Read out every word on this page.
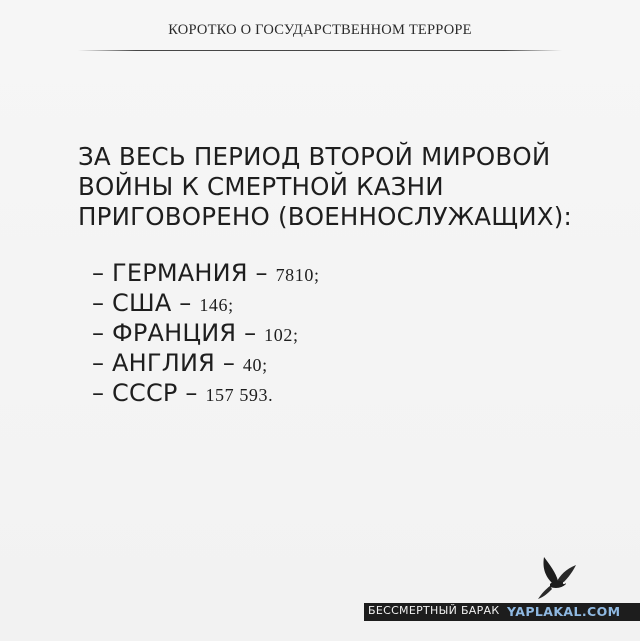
КОРОТКО О ГОСУДАРСТВЕННОМ ТЕРРОРЕ
ЗА ВЕСЬ ПЕРИОД ВТОРОЙ МИРОВОЙ
ВОЙНЫ К СМЕРТНОЙ КАЗНИ
ПРИГОВОРЕНО (ВОЕННОСЛУЖАЩИХ):
– ГЕРМАНИЯ – 7810;
– США – 146;
– ФРАНЦИЯ – 102;
– АНГЛИЯ – 40;
– СССР – 157 593.
БЕССМЕРТНЫЙ БАРАК YAPLAKAL.COM
